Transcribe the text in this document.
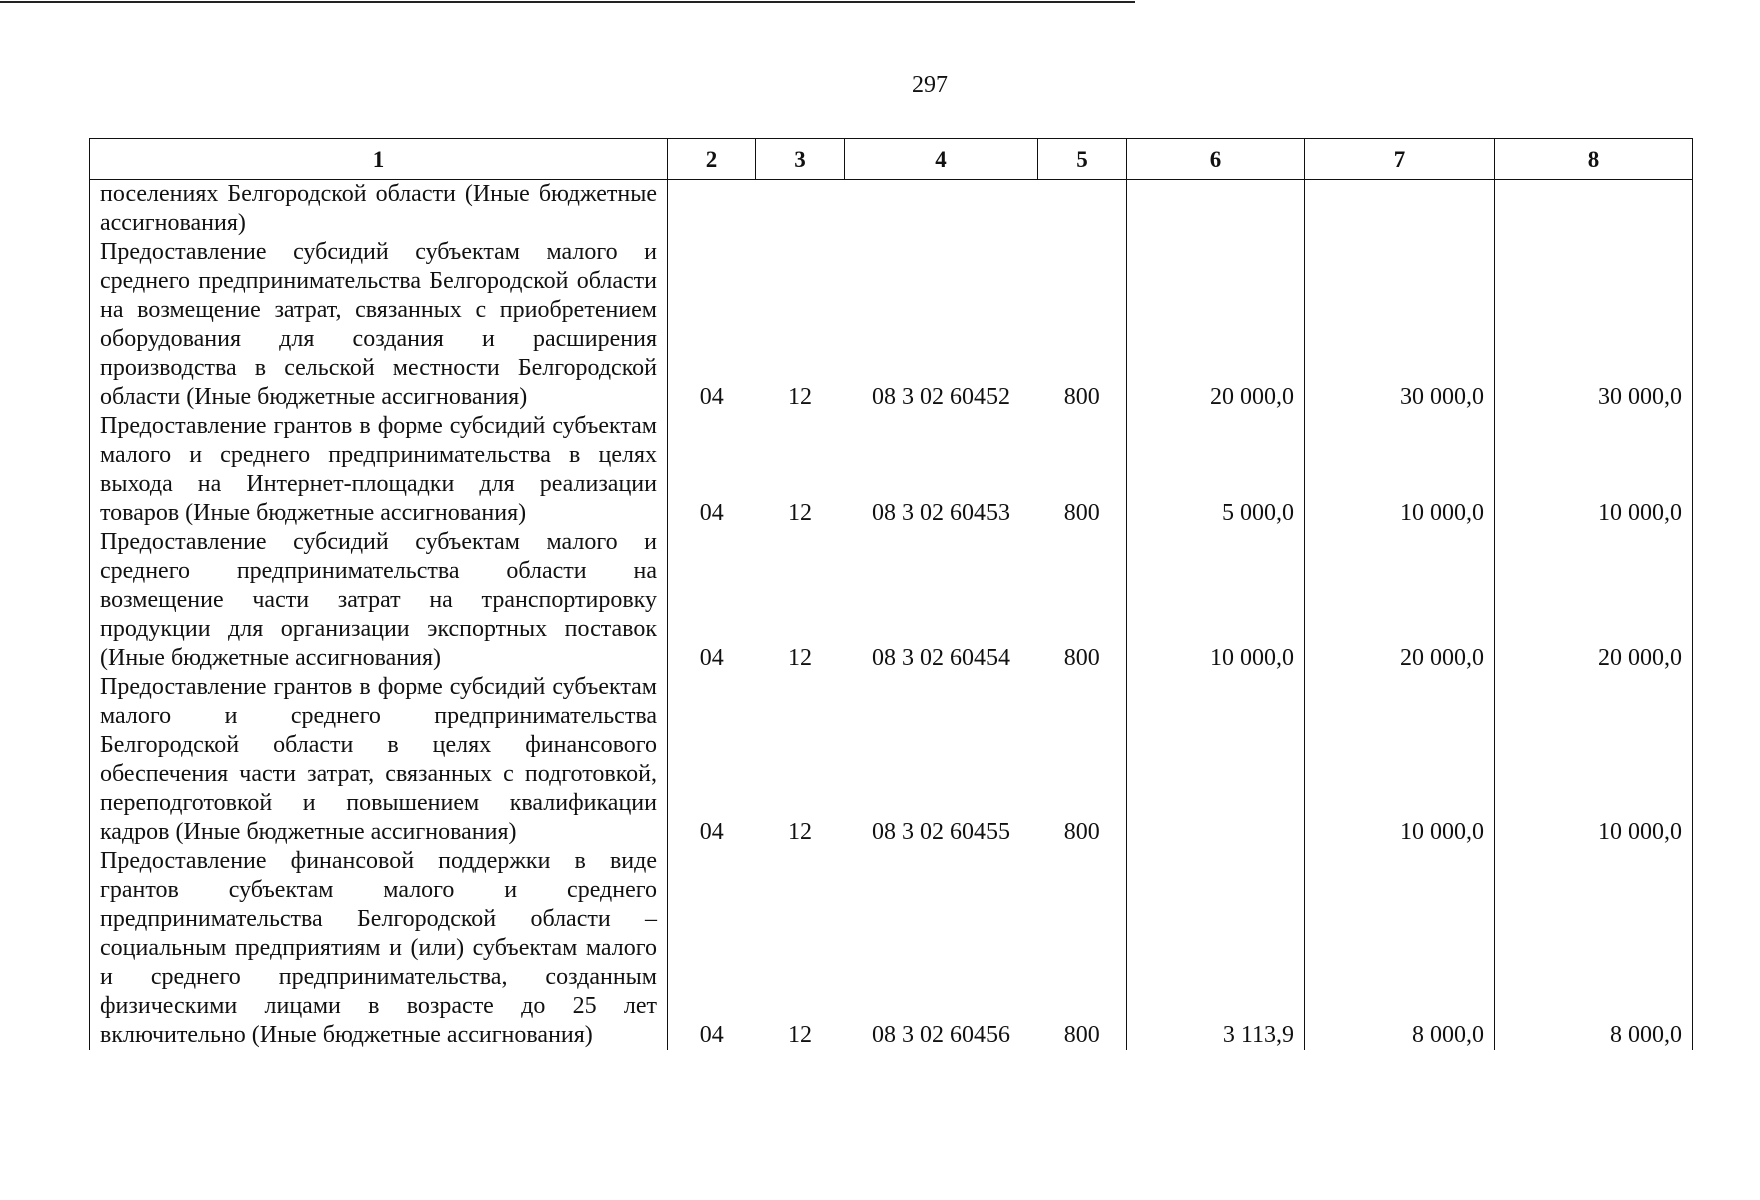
297
1	2	3	4	5	6	7	8
поселениях Белгородской области (Иные бюджетные ассигнования)							
Предоставление субсидий субъектам малого и среднего предпринимательства Белгородской области на возмещение затрат, связанных с приобретением оборудования для создания и расширения производства в сельской местности Белгородской области (Иные бюджетные ассигнования)	04	12	08 3 02 60452	800	20 000,0	30 000,0	30 000,0
Предоставление грантов в форме субсидий субъектам малого и среднего предпринимательства в целях выхода на Интернет-площадки для реализации товаров (Иные бюджетные ассигнования)	04	12	08 3 02 60453	800	5 000,0	10 000,0	10 000,0
Предоставление субсидий субъектам малого и среднего предпринимательства области на возмещение части затрат на транспортировку продукции для организации экспортных поставок (Иные бюджетные ассигнования)	04	12	08 3 02 60454	800	10 000,0	20 000,0	20 000,0
Предоставление грантов в форме субсидий субъектам малого и среднего предпринимательства Белгородской области в целях финансового обеспечения части затрат, связанных с подготовкой, переподготовкой и повышением квалификации кадров (Иные бюджетные ассигнования)	04	12	08 3 02 60455	800		10 000,0	10 000,0
Предоставление финансовой поддержки в виде грантов субъектам малого и среднего предпринимательства Белгородской области – социальным предприятиям и (или) субъектам малого и среднего предпринимательства, созданным физическими лицами в возрасте до 25 лет включительно (Иные бюджетные ассигнования)	04	12	08 3 02 60456	800	3 113,9	8 000,0	8 000,0
